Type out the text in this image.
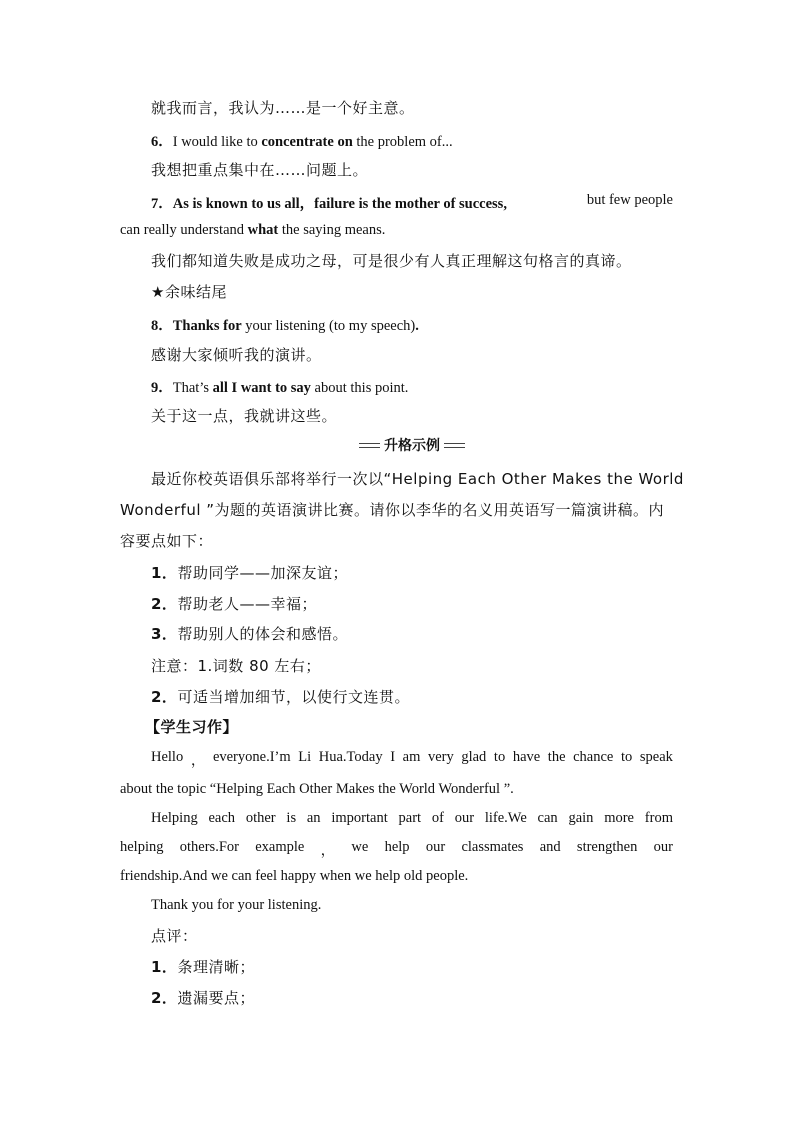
就我而言，我认为……是一个好主意。
6．I would like to concentrate on the problem of...
我想把重点集中在……问题上。
7．As is known to us all，failure is the mother of success,	but few people
can really understand what the saying means.
我们都知道失败是成功之母，可是很少有人真正理解这句格言的真谛。
★余味结尾
8．Thanks for your listening (to my speech).
感谢大家倾听我的演讲。
9．That’s all I want to say about this point.
关于这一点，我就讲这些。
升格示例
最近你校英语俱乐部将举行一次以“Helping Each Other Makes the World
Wonderful ”为题的英语演讲比赛。请你以李华的名义用英语写一篇演讲稿。内
容要点如下：
1．帮助同学——加深友谊；
2．帮助老人——幸福；
3．帮助别人的体会和感悟。
注意：1.词数 80 左右；
2．可适当增加细节，以使行文连贯。
【学生习作】
Hello ， everyone.I’m Li Hua.Today I am very glad to have the chance to speak
about the topic “Helping Each Other Makes the World Wonderful ”.
Helping each other is an important part of our life.We can gain more from
helping others.For example ， we help our classmates and strengthen our
friendship.And we can feel happy when we help old people.
Thank you for your listening.
点评：
1．条理清晰；
2．遗漏要点；
